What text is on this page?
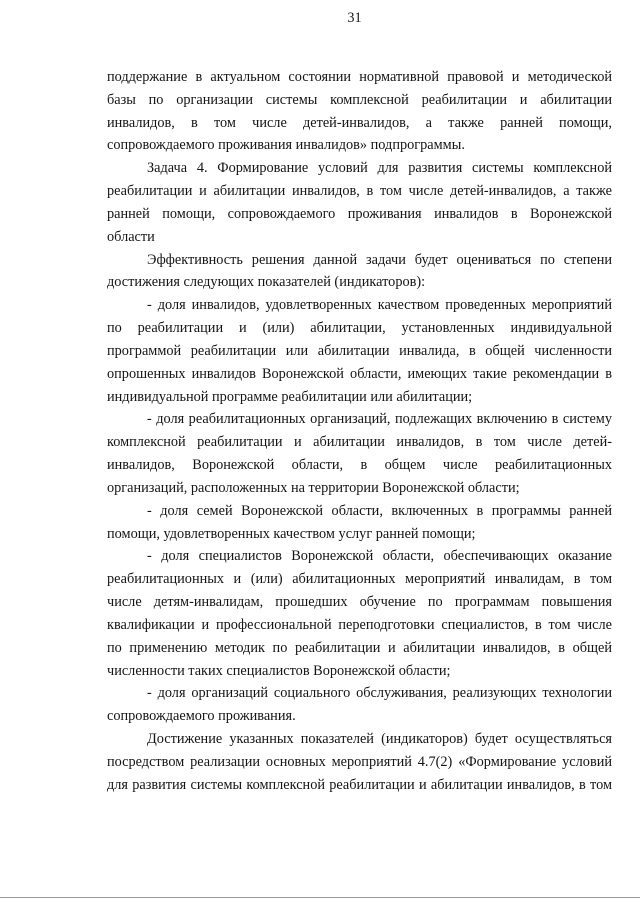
31
поддержание в актуальном состоянии нормативной правовой и методической
базы по организации системы комплексной реабилитации и абилитации
инвалидов, в том числе детей-инвалидов, а также ранней помощи,
сопровождаемого проживания инвалидов» подпрограммы.
Задача 4. Формирование условий для развития системы комплексной
реабилитации и абилитации инвалидов, в том числе детей-инвалидов, а также
ранней помощи, сопровождаемого проживания инвалидов в Воронежской
области
Эффективность решения данной задачи будет оцениваться по степени
достижения следующих показателей (индикаторов):
- доля инвалидов, удовлетворенных качеством проведенных мероприятий
по реабилитации и (или) абилитации, установленных индивидуальной
программой реабилитации или абилитации инвалида, в общей численности
опрошенных инвалидов Воронежской области, имеющих такие рекомендации в
индивидуальной программе реабилитации или абилитации;
- доля реабилитационных организаций, подлежащих включению в систему
комплексной реабилитации и абилитации инвалидов, в том числе детей-
инвалидов, Воронежской области, в общем числе реабилитационных
организаций, расположенных на территории Воронежской области;
- доля семей Воронежской области, включенных в программы ранней
помощи, удовлетворенных качеством услуг ранней помощи;
- доля специалистов Воронежской области, обеспечивающих оказание
реабилитационных и (или) абилитационных мероприятий инвалидам, в том
числе детям-инвалидам, прошедших обучение по программам повышения
квалификации и профессиональной переподготовки специалистов, в том числе
по применению методик по реабилитации и абилитации инвалидов, в общей
численности таких специалистов Воронежской области;
- доля организаций социального обслуживания, реализующих технологии
сопровождаемого проживания.
Достижение указанных показателей (индикаторов) будет осуществляться
посредством реализации основных мероприятий 4.7(2) «Формирование условий
для развития системы комплексной реабилитации и абилитации инвалидов, в том
